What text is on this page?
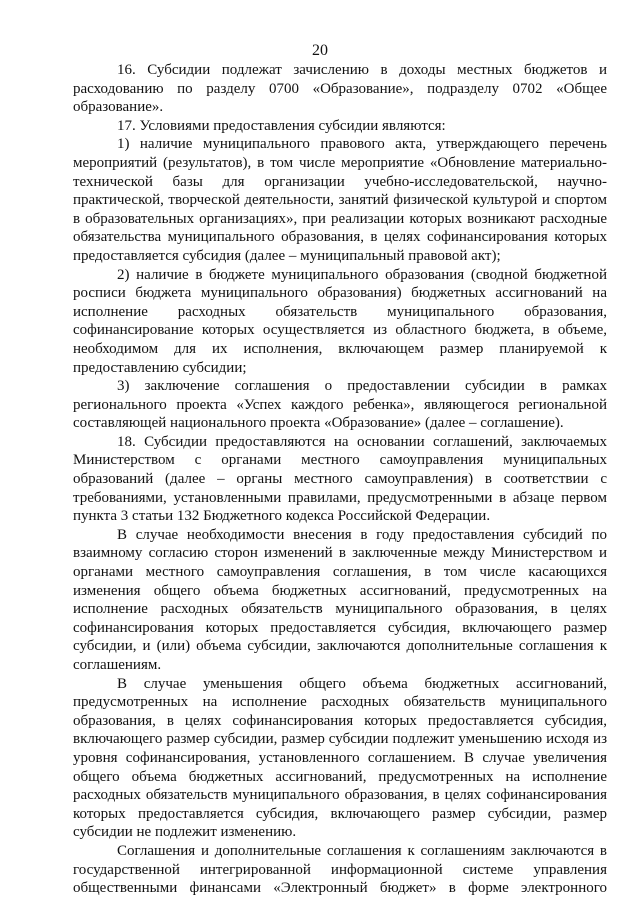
20

16. Субсидии подлежат зачислению в доходы местных бюджетов и расходованию по разделу 0700 «Образование», подразделу 0702 «Общее образование».

17. Условиями предоставления субсидии являются:

1) наличие муниципального правового акта, утверждающего перечень мероприятий (результатов), в том числе мероприятие «Обновление материально-технической базы для организации учебно-исследовательской, научно-практической, творческой деятельности, занятий физической культурой и спортом в образовательных организациях», при реализации которых возникают расходные обязательства муниципального образования, в целях софинансирования которых предоставляется субсидия (далее – муниципальный правовой акт);

2) наличие в бюджете муниципального образования (сводной бюджетной росписи бюджета муниципального образования) бюджетных ассигнований на исполнение расходных обязательств муниципального образования, софинансирование которых осуществляется из областного бюджета, в объеме, необходимом для их исполнения, включающем размер планируемой к предоставлению субсидии;

3) заключение соглашения о предоставлении субсидии в рамках регионального проекта «Успех каждого ребенка», являющегося региональной составляющей национального проекта «Образование» (далее – соглашение).

18. Субсидии предоставляются на основании соглашений, заключаемых Министерством с органами местного самоуправления муниципальных образований (далее – органы местного самоуправления) в соответствии с требованиями, установленными правилами, предусмотренными в абзаце первом пункта 3 статьи 132 Бюджетного кодекса Российской Федерации.

В случае необходимости внесения в году предоставления субсидий по взаимному согласию сторон изменений в заключенные между Министерством и органами местного самоуправления соглашения, в том числе касающихся изменения общего объема бюджетных ассигнований, предусмотренных на исполнение расходных обязательств муниципального образования, в целях софинансирования которых предоставляется субсидия, включающего размер субсидии, и (или) объема субсидии, заключаются дополнительные соглашения к соглашениям.

В случае уменьшения общего объема бюджетных ассигнований, предусмотренных на исполнение расходных обязательств муниципального образования, в целях софинансирования которых предоставляется субсидия, включающего размер субсидии, размер субсидии подлежит уменьшению исходя из уровня софинансирования, установленного соглашением. В случае увеличения общего объема бюджетных ассигнований, предусмотренных на исполнение расходных обязательств муниципального образования, в целях софинансирования которых предоставляется субсидия, включающего размер субсидии, размер субсидии не подлежит изменению.

Соглашения и дополнительные соглашения к соглашениям заключаются в государственной интегрированной информационной системе управления общественными финансами «Электронный бюджет» в форме электронного
